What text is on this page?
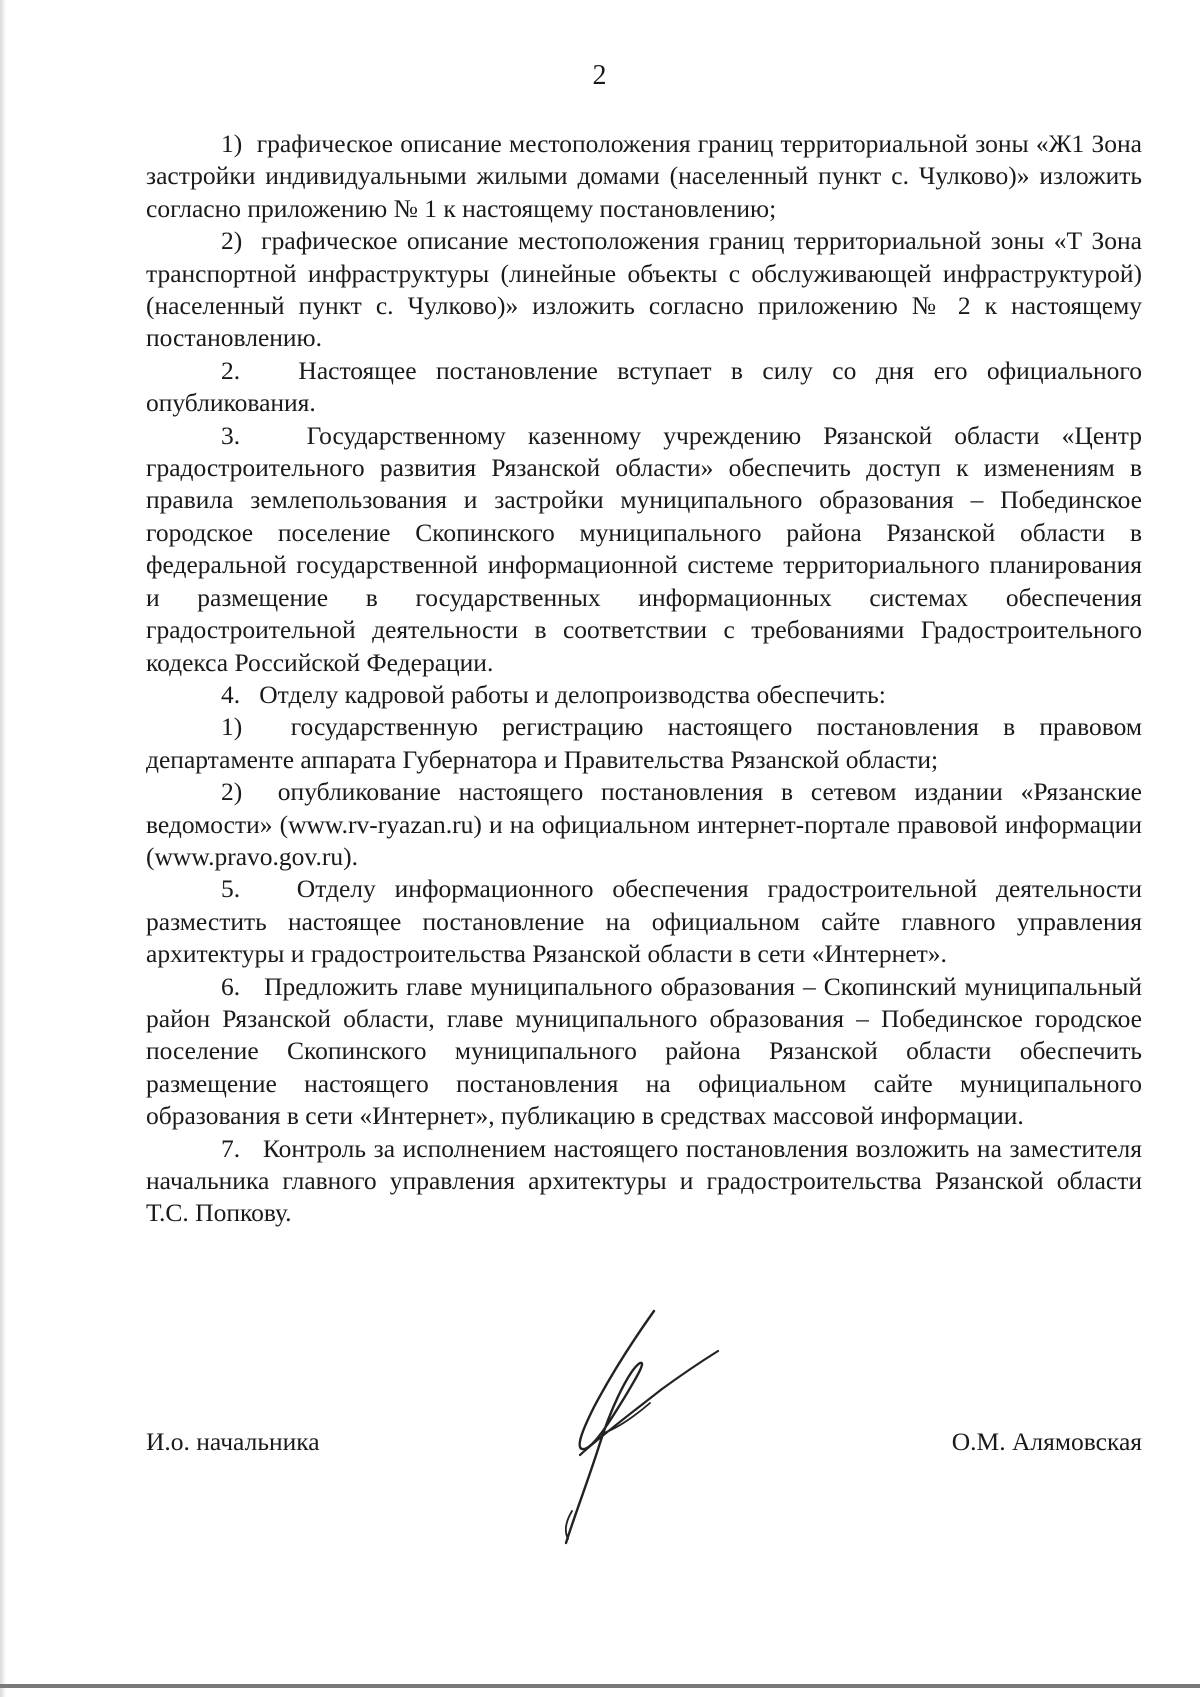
2

1)  графическое описание местоположения границ территориальной зоны «Ж1 Зона застройки индивидуальными жилыми домами (населенный пункт с. Чулково)» изложить согласно приложению № 1 к настоящему постановлению;

2)  графическое описание местоположения границ территориальной зоны «Т Зона транспортной инфраструктуры (линейные объекты с обслуживающей инфраструктурой) (населенный пункт с. Чулково)» изложить согласно приложению № 2 к настоящему постановлению.

2.   Настоящее постановление вступает в силу со дня его официального опубликования.

3.   Государственному казенному учреждению Рязанской области «Центр градостроительного развития Рязанской области» обеспечить доступ к изменениям в правила землепользования и застройки муниципального образования – Побединское городское поселение Скопинского муниципального района Рязанской области в федеральной государственной информационной системе территориального планирования и размещение в государственных информационных системах обеспечения градостроительной деятельности в соответствии с требованиями Градостроительного кодекса Российской Федерации.

4.   Отделу кадровой работы и делопроизводства обеспечить:

1)  государственную регистрацию настоящего постановления в правовом департаменте аппарата Губернатора и Правительства Рязанской области;

2)  опубликование настоящего постановления в сетевом издании «Рязанские ведомости» (www.rv-ryazan.ru) и на официальном интернет-портале правовой информации (www.pravo.gov.ru).

5.   Отделу информационного обеспечения градостроительной деятельности разместить настоящее постановление на официальном сайте главного управления архитектуры и градостроительства Рязанской области в сети «Интернет».

6.   Предложить главе муниципального образования – Скопинский муниципальный район Рязанской области, главе муниципального образования – Побединское городское поселение Скопинского муниципального района Рязанской области обеспечить размещение настоящего постановления на официальном сайте муниципального образования в сети «Интернет», публикацию в средствах массовой информации.

7.   Контроль за исполнением настоящего постановления возложить на заместителя начальника главного управления архитектуры и градостроительства Рязанской области Т.С. Попкову.

И.о. начальника	О.М. Алямовская
